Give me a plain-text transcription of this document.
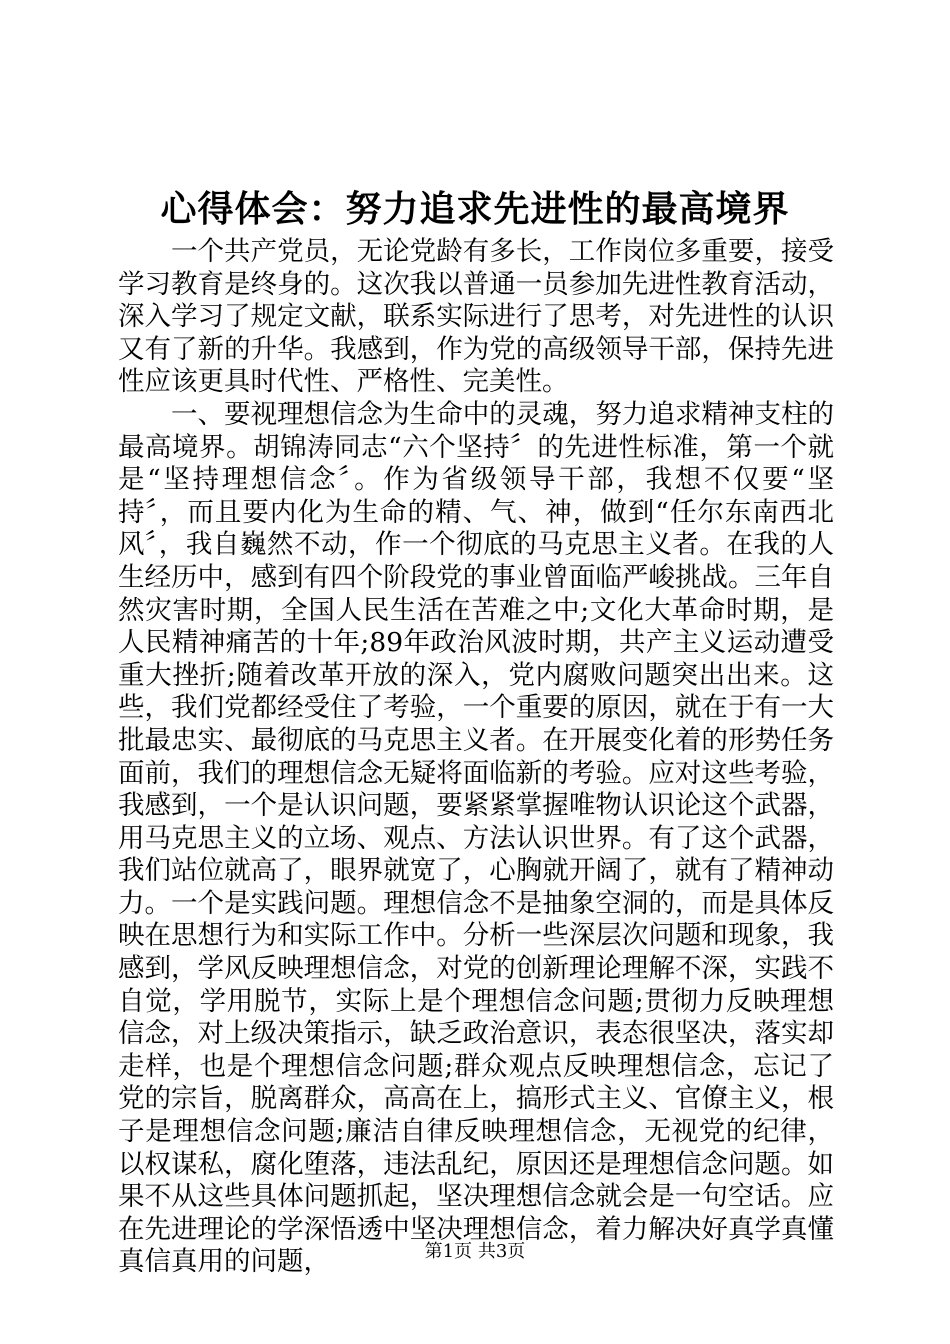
心得体会：努力追求先进性的最高境界

一个共产党员，无论党龄有多长，工作岗位多重要，接受学习教育是终身的。这次我以普通一员参加先进性教育活动，深入学习了规定文献，联系实际进行了思考，对先进性的认识又有了新的升华。我感到，作为党的高级领导干部，保持先进性应该更具时代性、严格性、完美性。

一、要视理想信念为生命中的灵魂，努力追求精神支柱的最高境界。胡锦涛同志“六个坚持〞的先进性标准，第一个就是“坚持理想信念〞。作为省级领导干部，我想不仅要“坚持〞，而且要内化为生命的精、气、神，做到“任尔东南西北风〞，我自巍然不动，作一个彻底的马克思主义者。在我的人生经历中，感到有四个阶段党的事业曾面临严峻挑战。三年自然灾害时期，全国人民生活在苦难之中;文化大革命时期，是人民精神痛苦的十年;89年政治风波时期，共产主义运动遭受重大挫折;随着改革开放的深入，党内腐败问题突出出来。这些，我们党都经受住了考验，一个重要的原因，就在于有一大批最忠实、最彻底的马克思主义者。在开展变化着的形势任务面前，我们的理想信念无疑将面临新的考验。应对这些考验，我感到，一个是认识问题，要紧紧掌握唯物认识论这个武器，用马克思主义的立场、观点、方法认识世界。有了这个武器，我们站位就高了，眼界就宽了，心胸就开阔了，就有了精神动力。一个是实践问题。理想信念不是抽象空洞的，而是具体反映在思想行为和实际工作中。分析一些深层次问题和现象，我感到，学风反映理想信念，对党的创新理论理解不深，实践不自觉，学用脱节，实际上是个理想信念问题;贯彻力反映理想信念，对上级决策指示，缺乏政治意识，表态很坚决，落实却走样，也是个理想信念问题;群众观点反映理想信念，忘记了党的宗旨，脱离群众，高高在上，搞形式主义、官僚主义，根子是理想信念问题;廉洁自律反映理想信念，无视党的纪律，以权谋私，腐化堕落，违法乱纪，原因还是理想信念问题。如果不从这些具体问题抓起，坚决理想信念就会是一句空话。应在先进理论的学深悟透中坚决理想信念，着力解决好真学真懂真信真用的问题，	第1页 共3页
